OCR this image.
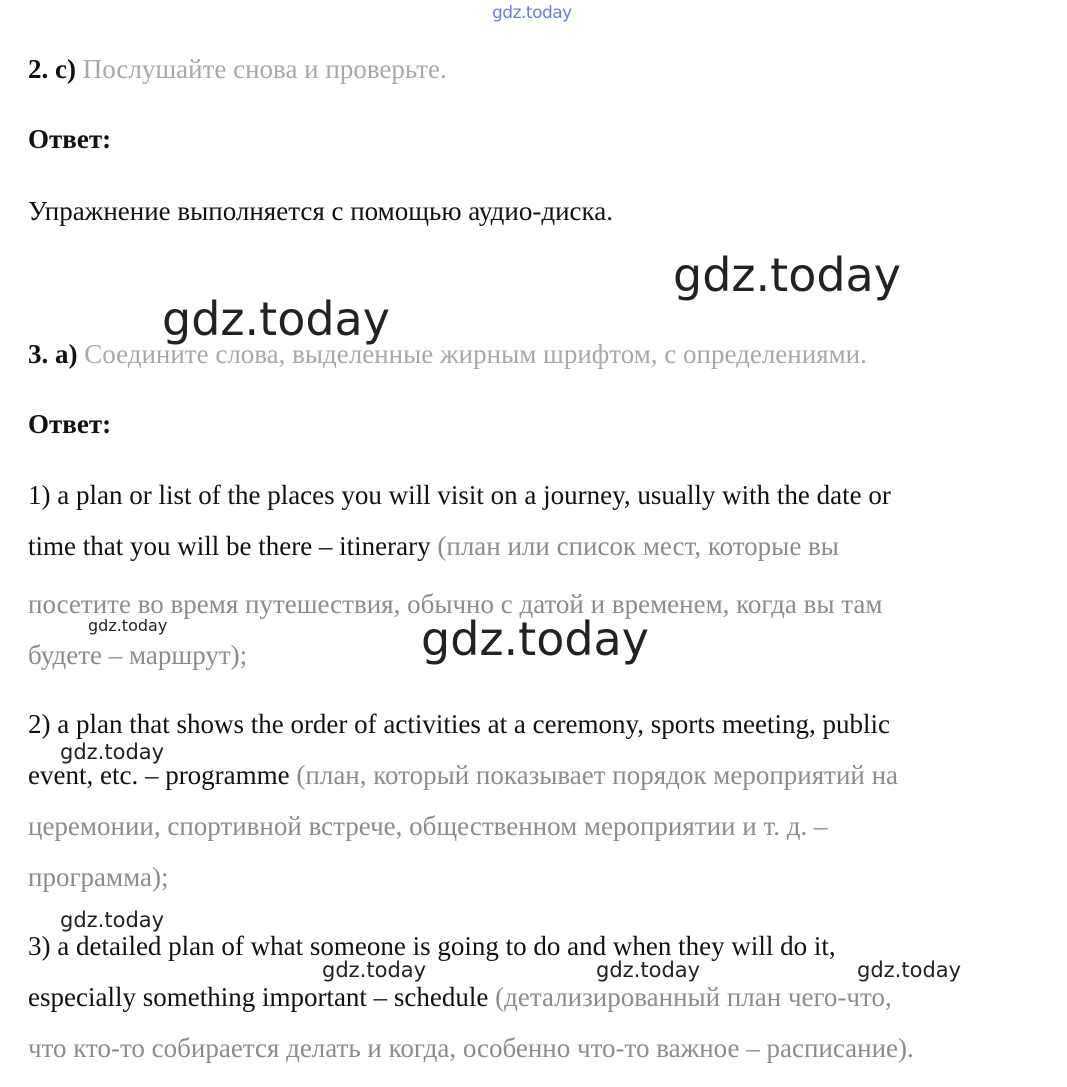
gdz.today
gdz.today
gdz.today
gdz.today
gdz.today
gdz.today
gdz.today
gdz.today	gdz.today	gdz.today
2. с) Послушайте снова и проверьте.
Ответ:
Упражнение выполняется с помощью аудио-диска.
3. а) Соедините слова, выделенные жирным шрифтом, с определениями.
Ответ:
1) a plan or list of the places you will visit on a journey, usually with the date or
time that you will be there – itinerary (план или список мест, которые вы
посетите во время путешествия, обычно с датой и временем, когда вы там
будете – маршрут);
2) a plan that shows the order of activities at a ceremony, sports meeting, public
event, etc. – programme (план, который показывает порядок мероприятий на
церемонии, спортивной встрече, общественном мероприятии и т. д. –
программа);
3) a detailed plan of what someone is going to do and when they will do it,
especially something important – schedule (детализированный план чего-что,
что кто-то собирается делать и когда, особенно что-то важное – расписание).
